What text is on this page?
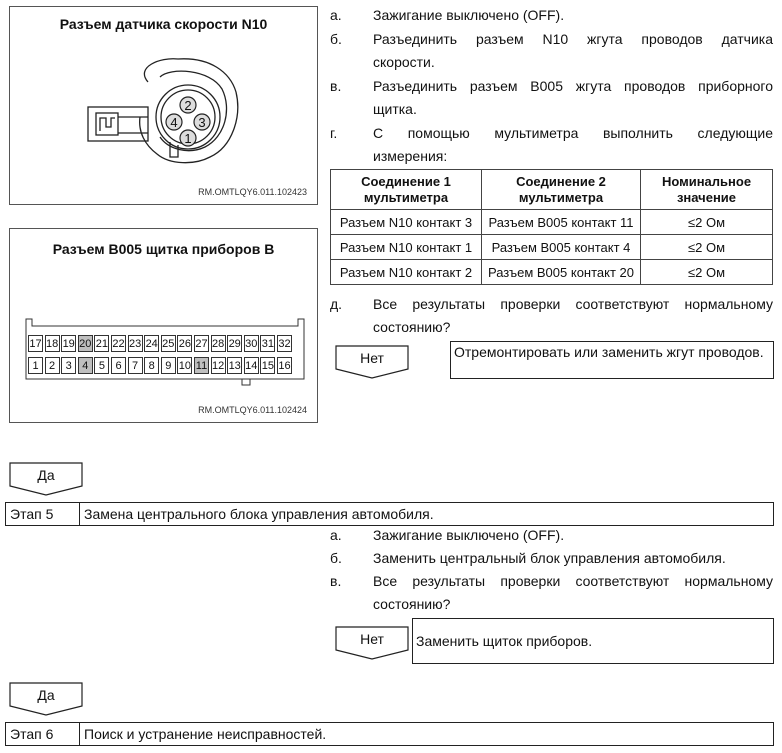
Разъем датчика скорости N10
2
4 3
1
RM.OMTLQY6.011.102423
Разъем B005 щитка приборов B
17 18 19 20 21 22 23 24 25 26 27 28 29 30 31 32
1 2 3 4 5 6 7 8 9 10 11 12 13 14 15 16
RM.OMTLQY6.011.102424
а. Зажигание выключено (OFF).
б. Разъединить разъем N10 жгута проводов датчика
скорости.
в. Разъединить разъем B005 жгута проводов приборного
щитка.
г.	С помощью мультиметра выполнить следующие
измерения:
Соединение 1 мультиметра	Соединение 2 мультиметра	Номинальное значение
Разъем N10 контакт 3	Разъем B005 контакт 11	≤2 Ом
Разъем N10 контакт 1	Разъем B005 контакт 4	≤2 Ом
Разъем N10 контакт 2	Разъем B005 контакт 20	≤2 Ом
д. Все результаты проверки соответствуют нормальному
состоянию?
Нет	Отремонтировать или заменить жгут проводов.
Да
Этап 5	Замена центрального блока управления автомобиля.
а. Зажигание выключено (OFF).
б. Заменить центральный блок управления автомобиля.
в. Все результаты проверки соответствуют нормальному
состоянию?
Нет	Заменить щиток приборов.
Да
Этап 6	Поиск и устранение неисправностей.
